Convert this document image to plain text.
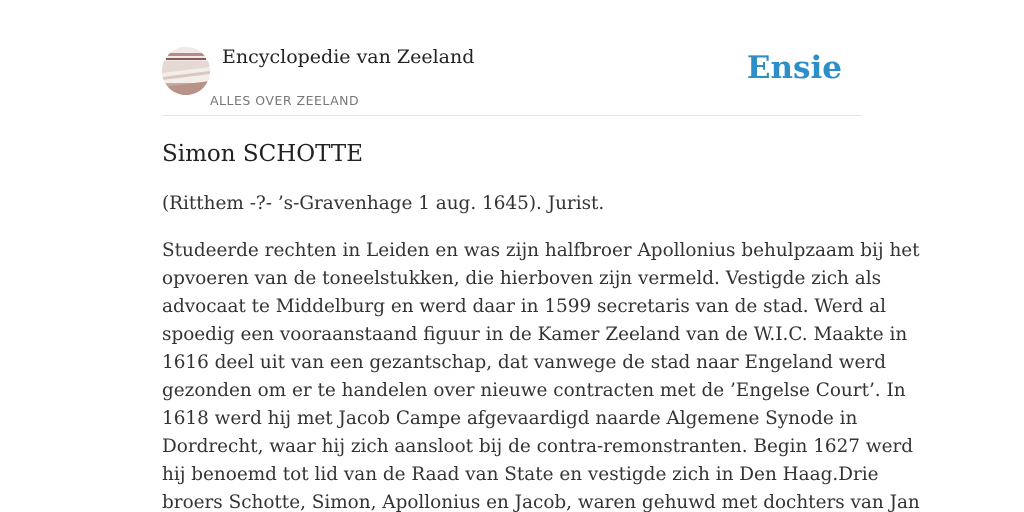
Encyclopedie van Zeeland
ALLES OVER ZEELAND
Ensie
Simon SCHOTTE

(Ritthem -?- ’s-Gravenhage 1 aug. 1645). Jurist.

Studeerde rechten in Leiden en was zijn halfbroer Apollonius behulpzaam bij het
opvoeren van de toneelstukken, die hierboven zijn vermeld. Vestigde zich als
advocaat te Middelburg en werd daar in 1599 secretaris van de stad. Werd al
spoedig een vooraanstaand figuur in de Kamer Zeeland van de W.I.C. Maakte in
1616 deel uit van een gezantschap, dat vanwege de stad naar Engeland werd
gezonden om er te handelen over nieuwe contracten met de ’Engelse Court’. In
1618 werd hij met Jacob Campe afgevaardigd naarde Algemene Synode in
Dordrecht, waar hij zich aansloot bij de contra-remonstranten. Begin 1627 werd
hij benoemd tot lid van de Raad van State en vestigde zich in Den Haag.Drie
broers Schotte, Simon, Apollonius en Jacob, waren gehuwd met dochters van Jan
